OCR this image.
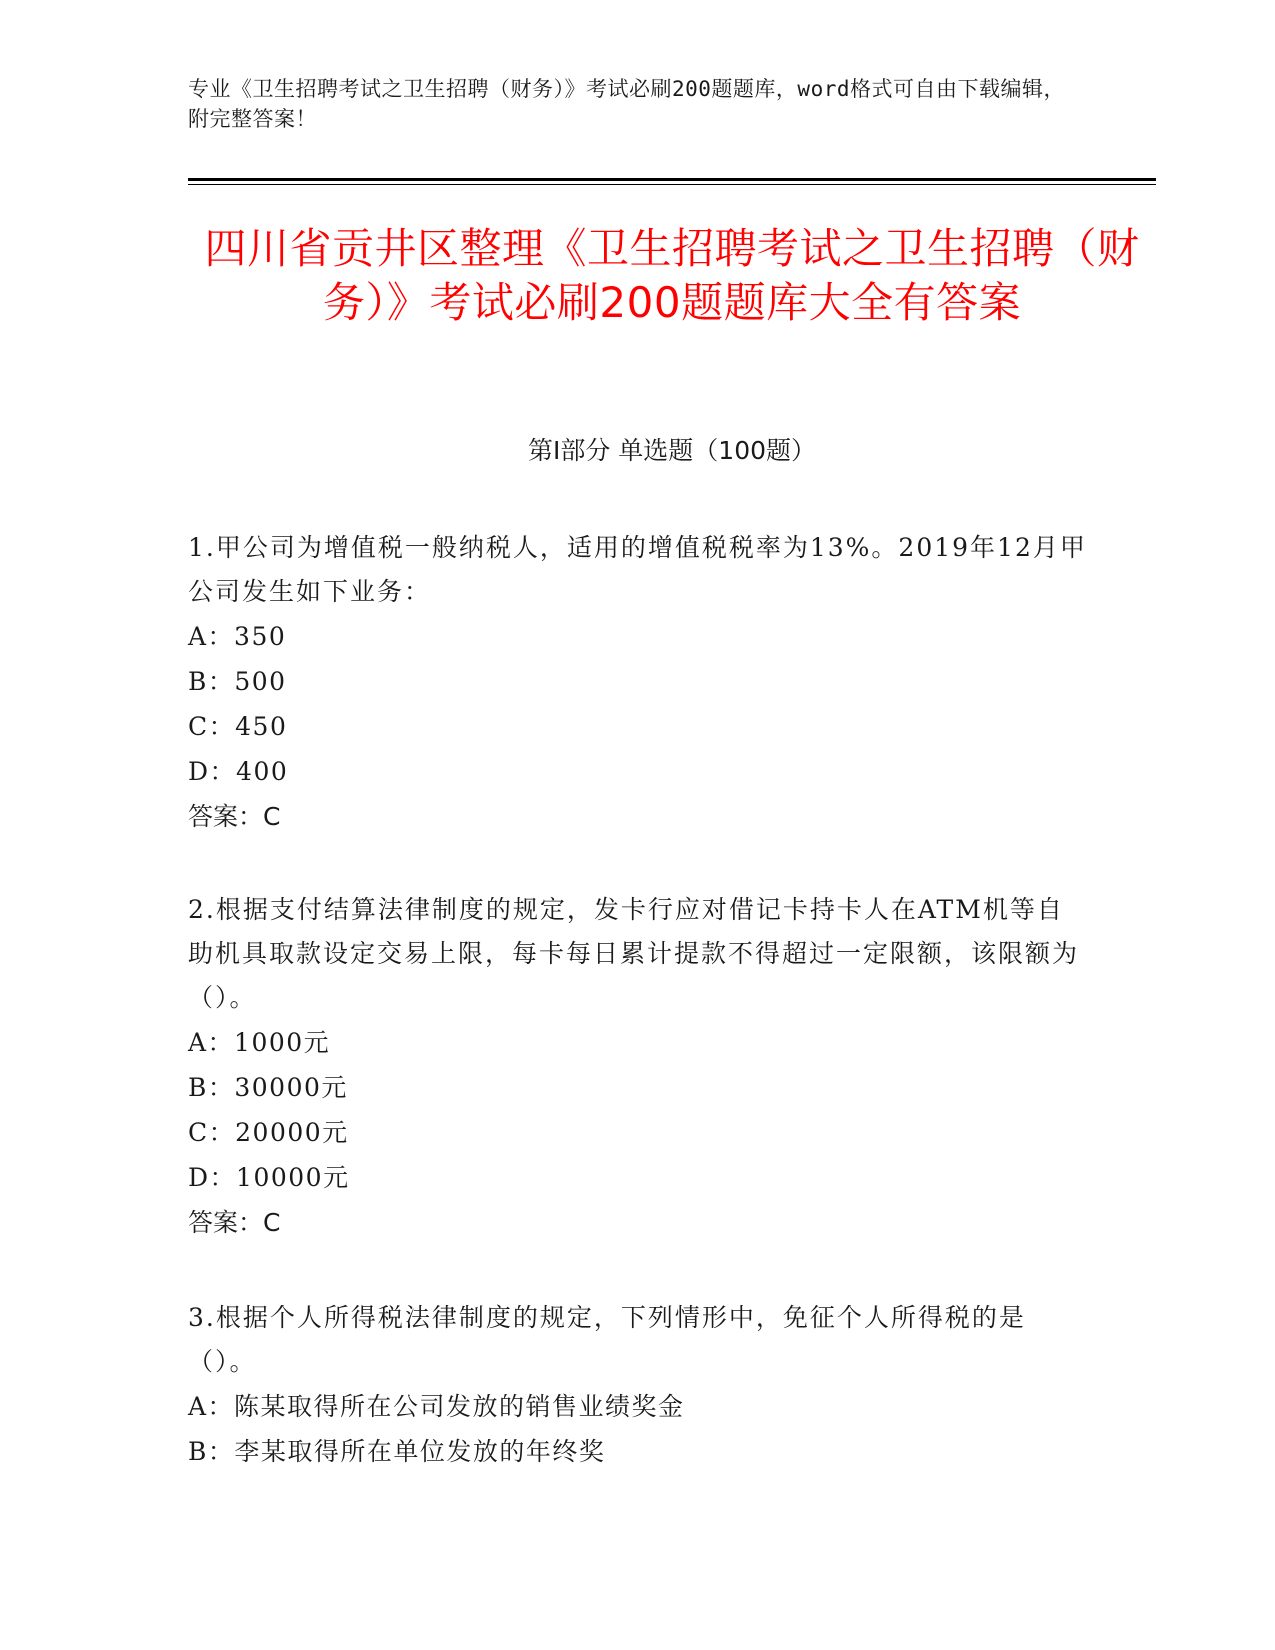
专业《卫生招聘考试之卫生招聘（财务）》考试必刷200题题库，word格式可自由下载编辑，附完整答案！
四川省贡井区整理《卫生招聘考试之卫生招聘（财务）》考试必刷200题题库大全有答案
第I部分 单选题（100题）

1.甲公司为增值税一般纳税人，适用的增值税税率为13%。2019年12月甲公司发生如下业务：

A：350

B：500

C：450

D：400

答案：C

2.根据支付结算法律制度的规定，发卡行应对借记卡持卡人在ATM机等自助机具取款设定交易上限，每卡每日累计提款不得超过一定限额，该限额为（）。

A：1000元

B：30000元

C：20000元

D：10000元

答案：C

3.根据个人所得税法律制度的规定，下列情形中，免征个人所得税的是（）。

A：陈某取得所在公司发放的销售业绩奖金

B：李某取得所在单位发放的年终奖
